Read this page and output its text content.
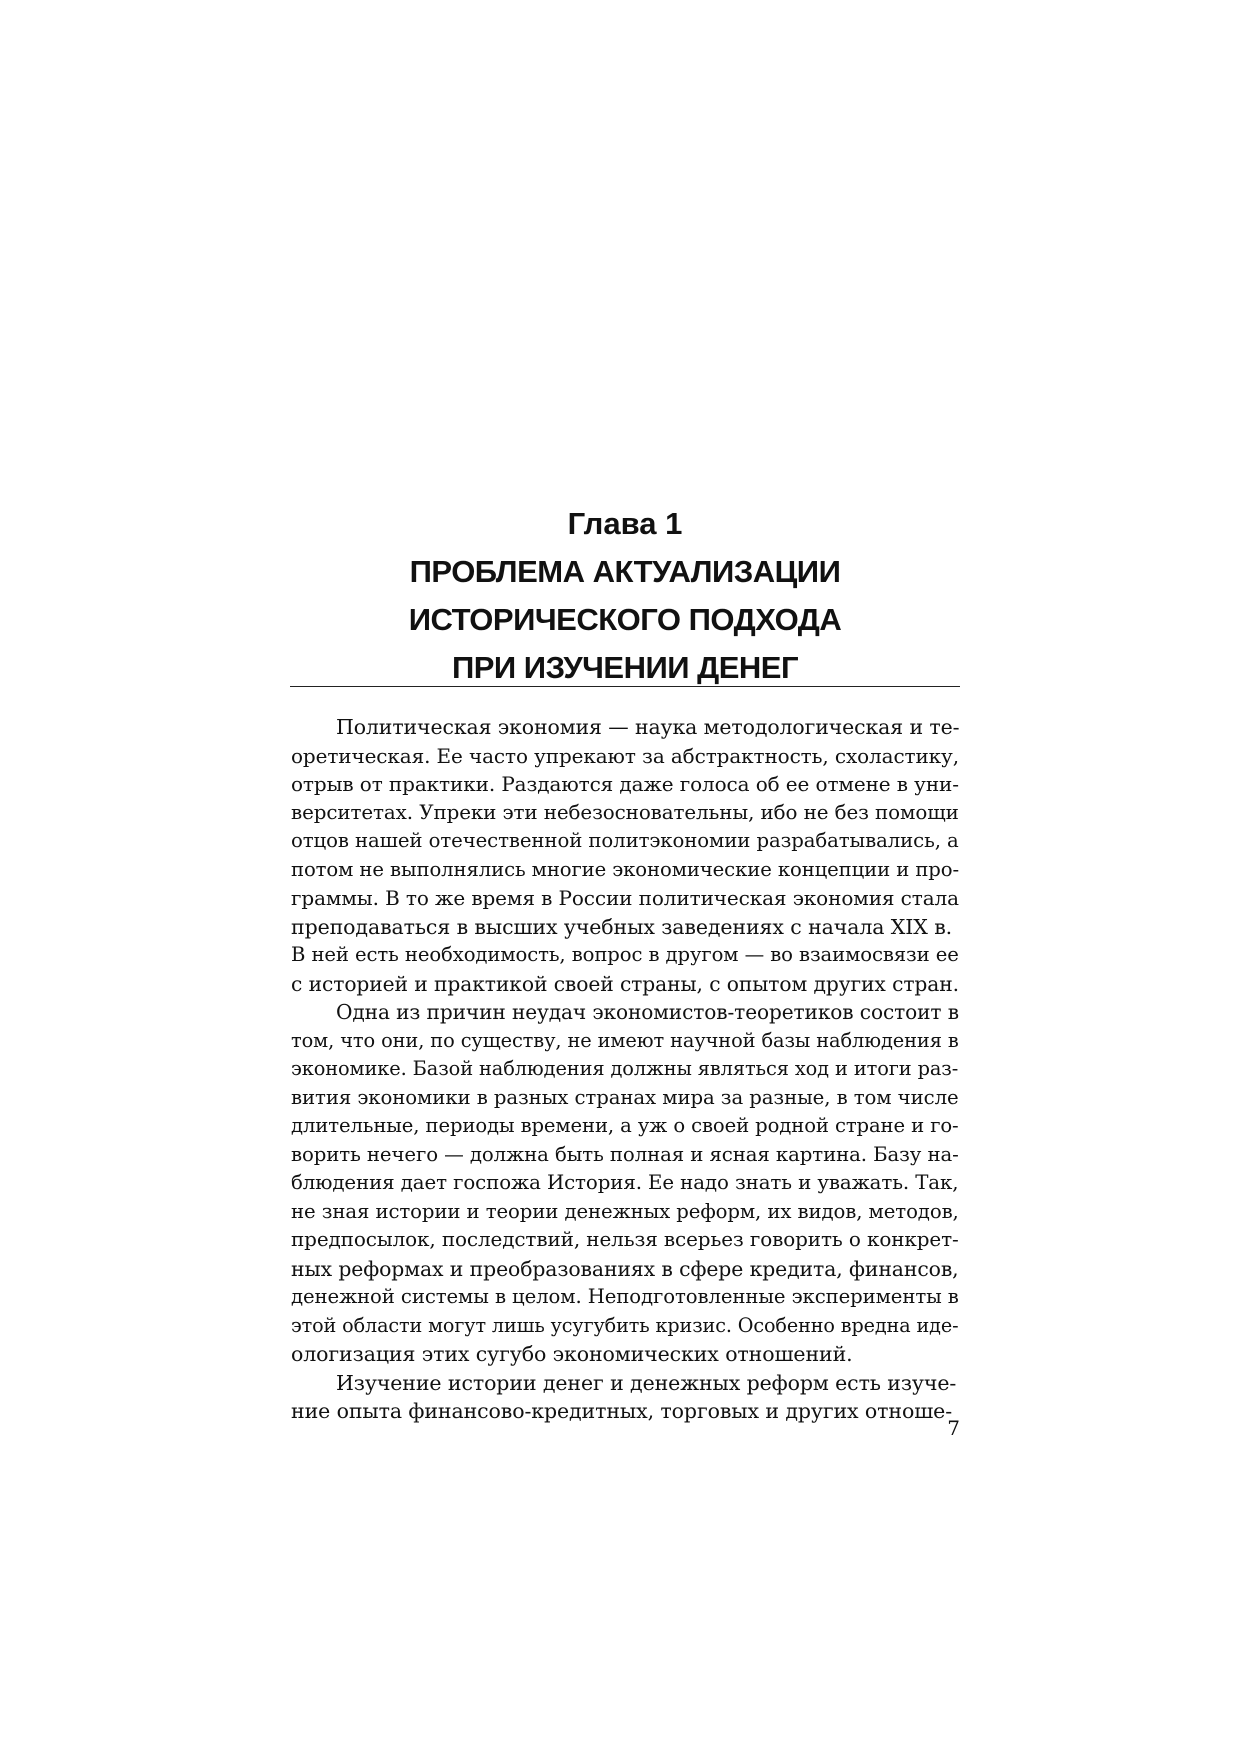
Глава 1
ПРОБЛЕМА АКТУАЛИЗАЦИИ
ИСТОРИЧЕСКОГО ПОДХОДА
ПРИ ИЗУЧЕНИИ ДЕНЕГ
Политическая экономия — наука методологическая и те-
оретическая. Ее часто упрекают за абстрактность, схоластику,
отрыв от практики. Раздаются даже голоса об ее отмене в уни-
верситетах. Упреки эти небезосновательны, ибо не без помощи
отцов нашей отечественной политэкономии разрабатывались, а
потом не выполнялись многие экономические концепции и про-
граммы. В то же время в России политическая экономия стала
преподаваться в высших учебных заведениях с начала XIX в.
В ней есть необходимость, вопрос в другом — во взаимосвязи ее
с историей и практикой своей страны, с опытом других стран.
Одна из причин неудач экономистов-теоретиков состоит в
том, что они, по существу, не имеют научной базы наблюдения в
экономике. Базой наблюдения должны являться ход и итоги раз-
вития экономики в разных странах мира за разные, в том числе
длительные, периоды времени, а уж о своей родной стране и го-
ворить нечего — должна быть полная и ясная картина. Базу на-
блюдения дает госпожа История. Ее надо знать и уважать. Так,
не зная истории и теории денежных реформ, их видов, методов,
предпосылок, последствий, нельзя всерьез говорить о конкрет-
ных реформах и преобразованиях в сфере кредита, финансов,
денежной системы в целом. Неподготовленные эксперименты в
этой области могут лишь усугубить кризис. Особенно вредна иде-
ологизация этих сугубо экономических отношений.
Изучение истории денег и денежных реформ есть изуче-
ние опыта финансово-кредитных, торговых и других отноше-
7
